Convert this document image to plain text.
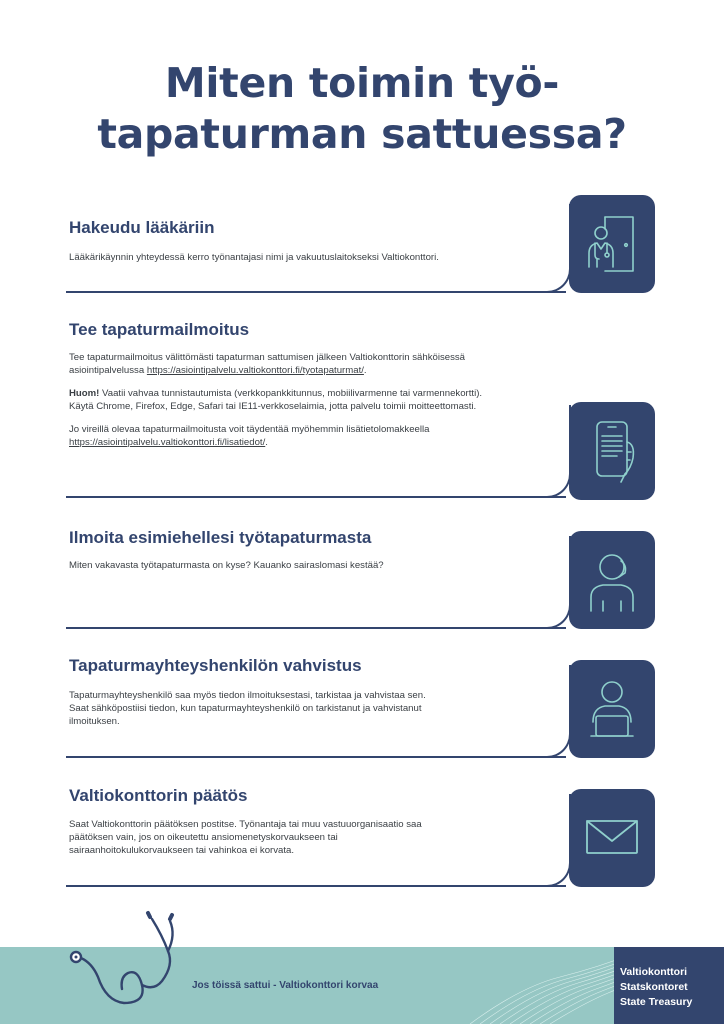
Miten toimin työ-
tapaturman sattuessa?
Hakeudu lääkäriin

Lääkärikäynnin yhteydessä kerro työnantajasi nimi ja vakuutuslaitokseksi Valtiokonttori.

Tee tapaturmailmoitus

Tee tapaturmailmoitus välittömästi tapaturman sattumisen jälkeen Valtiokonttorin sähköisessä asiointipalvelussa https://asiointipalvelu.valtiokonttori.fi/tyotapaturmat/.

Huom! Vaatii vahvaa tunnistautumista (verkkopankkitunnus, mobiilivarmenne tai varmennekortti). Käytä Chrome, Firefox, Edge, Safari tai IE11-verkkoselaimia, jotta palvelu toimii moitteettomasti.

Jo vireillä olevaa tapaturmailmoitusta voit täydentää myöhemmin lisätietolomakkeella https://asiointipalvelu.valtiokonttori.fi/lisatiedot/.

Ilmoita esimiehellesi työtapaturmasta

Miten vakavasta työtapaturmasta on kyse? Kauanko sairaslomasi kestää?

Tapaturmayhteyshenkilön vahvistus

Tapaturmayhteyshenkilö saa myös tiedon ilmoituksestasi, tarkistaa ja vahvistaa sen. Saat sähköpostiisi tiedon, kun tapaturmayhteyshenkilö on tarkistanut ja vahvistanut ilmoituksen.

Valtiokonttorin päätös

Saat Valtiokonttorin päätöksen postitse. Työnantaja tai muu vastuuorganisaatio saa päätöksen vain, jos on oikeutettu ansiomenetyskorvaukseen tai sairaanhoitokulukorvaukseen tai vahinkoa ei korvata.

Jos töissä sattui - Valtiokonttori korvaa
Valtiokonttori
Statskontoret
State Treasury
